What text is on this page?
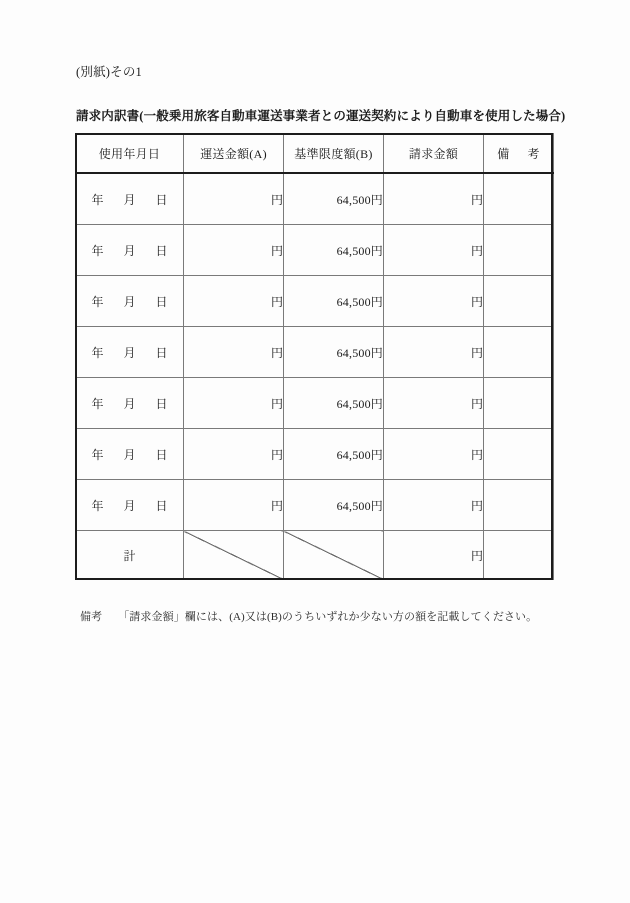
(別紙)その1
請求内訳書(一般乗用旅客自動車運送事業者との運送契約により自動車を使用した場合)
使用年月日	運送金額(A)	基準限度額(B)	請求金額	備 考
年 月 日	円	64,500円	円	
年 月 日	円	64,500円	円	
年 月 日	円	64,500円	円	
年 月 日	円	64,500円	円	
年 月 日	円	64,500円	円	
年 月 日	円	64,500円	円	
年 月 日	円	64,500円	円	
計			円	
備考 「請求金額」欄には、(A)又は(B)のうちいずれか少ない方の額を記載してください。
